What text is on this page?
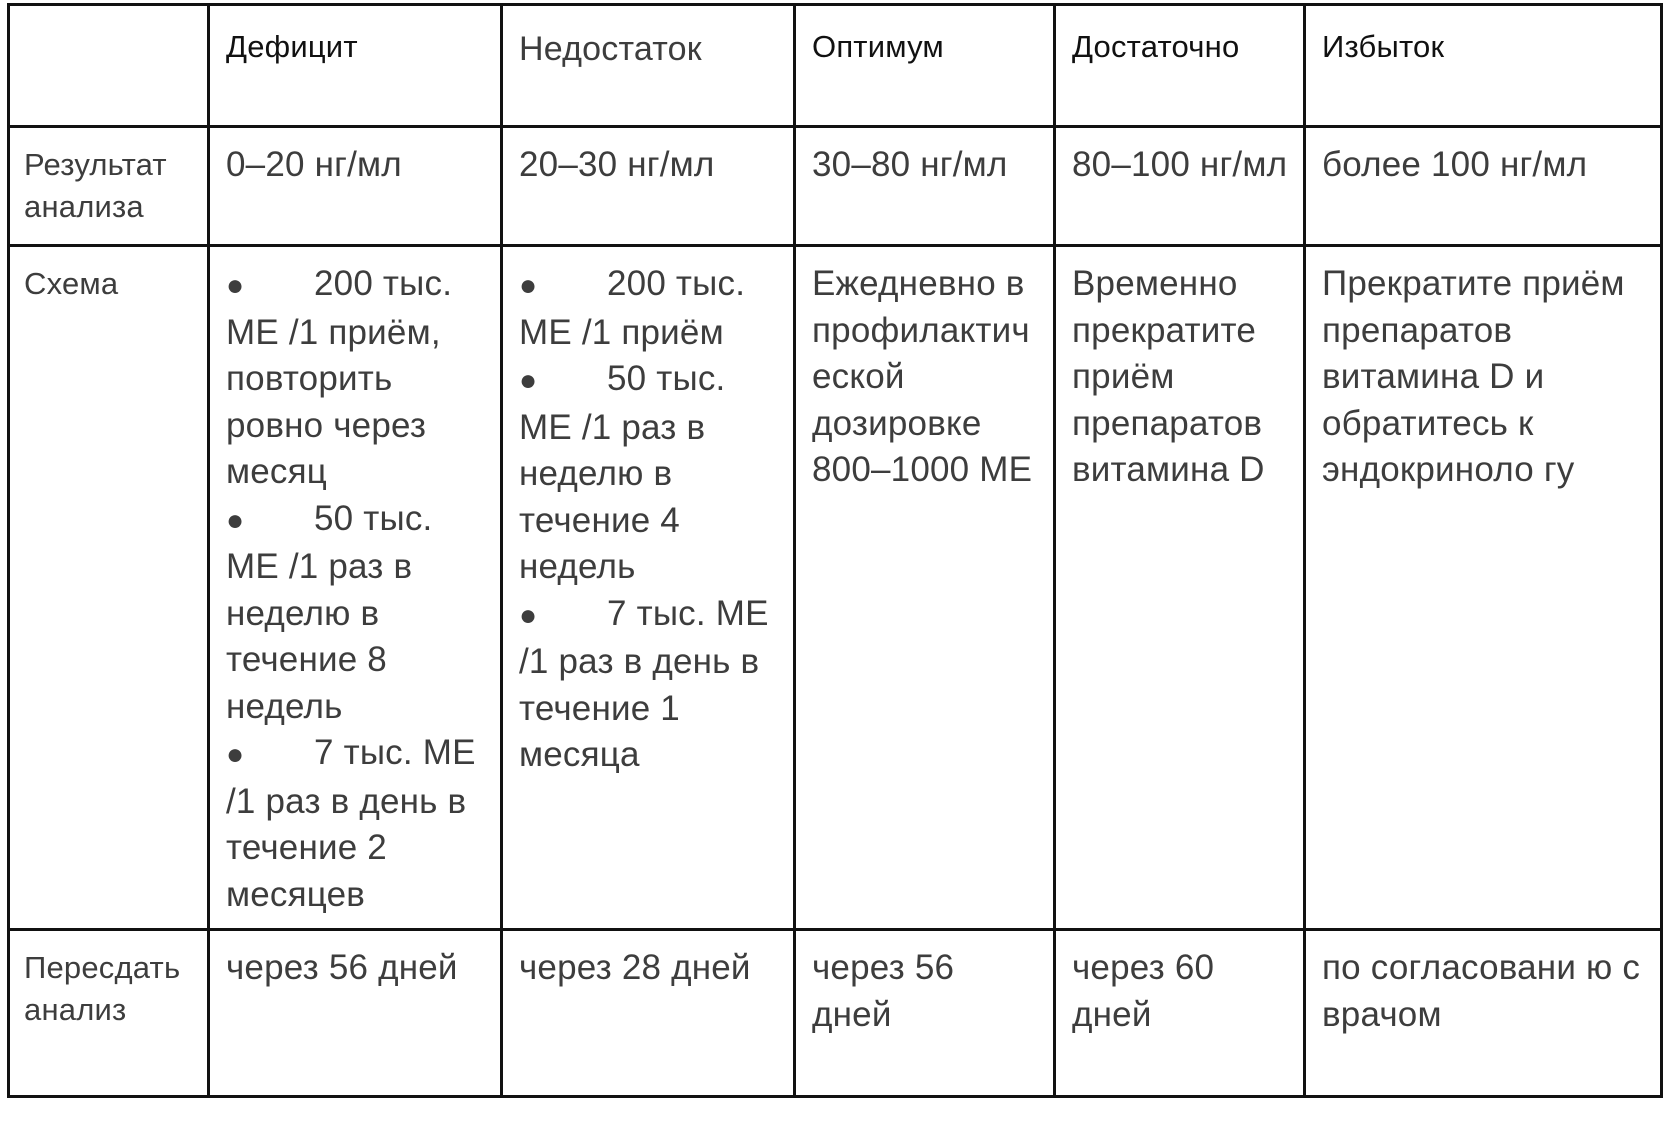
	Дефицит	Недостаток	Оптимум	Достаточно	Избыток
Результат анализа	0–20 нг/мл	20–30 нг/мл	30–80 нг/мл	80–100 нг/мл	более 100 нг/мл
Схема	● 200 тыс. МЕ /1 приём, повторить ровно через месяц
● 50 тыс. МЕ /1 раз в неделю в течение 8 недель
● 7 тыс. МЕ /1 раз в день в течение 2 месяцев	● 200 тыс. МЕ /1 приём
● 50 тыс. МЕ /1 раз в неделю в течение 4 недель
● 7 тыс. МЕ /1 раз в день в течение 1 месяца	Ежедневно в профилактич еской дозировке 800–1000 МЕ	Временно прекратите приём препаратов витамина D	Прекратите приём препаратов витамина D и обратитесь к эндокриноло гу
Пересдать анализ	через 56 дней	через 28 дней	через 56 дней	через 60 дней	по согласовани ю с врачом
